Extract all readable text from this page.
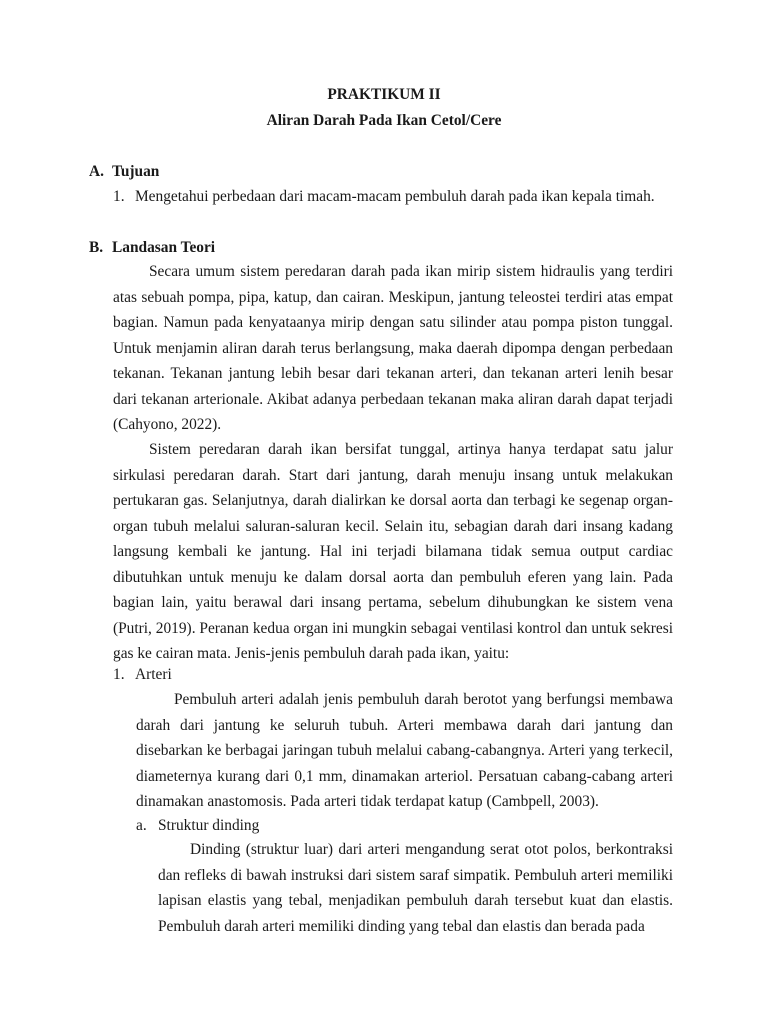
PRAKTIKUM II
Aliran Darah Pada Ikan Cetol/Cere
A. Tujuan
1. Mengetahui perbedaan dari macam-macam pembuluh darah pada ikan kepala timah.
B. Landasan Teori

Secara umum sistem peredaran darah pada ikan mirip sistem hidraulis yang terdiri atas sebuah pompa, pipa, katup, dan cairan. Meskipun, jantung teleostei terdiri atas empat bagian. Namun pada kenyataanya mirip dengan satu silinder atau pompa piston tunggal. Untuk menjamin aliran darah terus berlangsung, maka daerah dipompa dengan perbedaan tekanan. Tekanan jantung lebih besar dari tekanan arteri, dan tekanan arteri lenih besar dari tekanan arterionale. Akibat adanya perbedaan tekanan maka aliran darah dapat terjadi (Cahyono, 2022).

Sistem peredaran darah ikan bersifat tunggal, artinya hanya terdapat satu jalur sirkulasi peredaran darah. Start dari jantung, darah menuju insang untuk melakukan pertukaran gas. Selanjutnya, darah dialirkan ke dorsal aorta dan terbagi ke segenap organ-organ tubuh melalui saluran-saluran kecil. Selain itu, sebagian darah dari insang kadang langsung kembali ke jantung. Hal ini terjadi bilamana tidak semua output cardiac dibutuhkan untuk menuju ke dalam dorsal aorta dan pembuluh eferen yang lain. Pada bagian lain, yaitu berawal dari insang pertama, sebelum dihubungkan ke sistem vena (Putri, 2019). Peranan kedua organ ini mungkin sebagai ventilasi kontrol dan untuk sekresi gas ke cairan mata. Jenis-jenis pembuluh darah pada ikan, yaitu:

1. Arteri

Pembuluh arteri adalah jenis pembuluh darah berotot yang berfungsi membawa darah dari jantung ke seluruh tubuh. Arteri membawa darah dari jantung dan disebarkan ke berbagai jaringan tubuh melalui cabang-cabangnya. Arteri yang terkecil, diameternya kurang dari 0,1 mm, dinamakan arteriol. Persatuan cabang-cabang arteri dinamakan anastomosis. Pada arteri tidak terdapat katup (Cambpell, 2003).

a. Struktur dinding

Dinding (struktur luar) dari arteri mengandung serat otot polos, berkontraksi dan refleks di bawah instruksi dari sistem saraf simpatik. Pembuluh arteri memiliki lapisan elastis yang tebal, menjadikan pembuluh darah tersebut kuat dan elastis. Pembuluh darah arteri memiliki dinding yang tebal dan elastis dan berada pada
